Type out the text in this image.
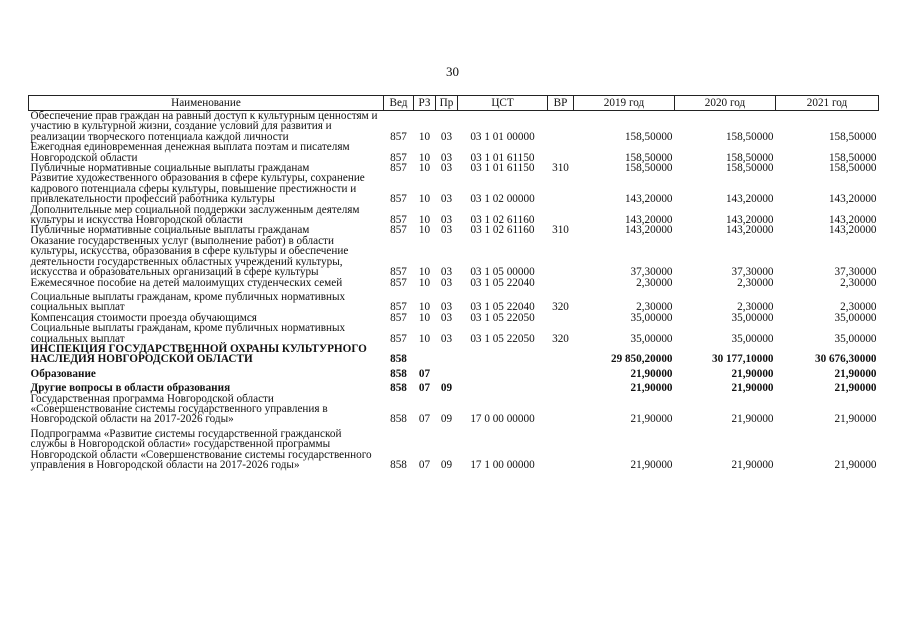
30
Наименование	Вед	РЗ	Пр	ЦСТ	ВР	2019 год	2020 год	2021 год
Обеспечение прав граждан на равный доступ к культурным ценностям и участию в культурной жизни, создание условий для развития и реализации творческого потенциала каждой личности	857	10	03	03 1 01 00000		158,50000	158,50000	158,50000
Ежегодная единовременная денежная выплата поэтам и писателям Новгородской области	857	10	03	03 1 01 61150		158,50000	158,50000	158,50000
Публичные нормативные социальные выплаты гражданам	857	10	03	03 1 01 61150	310	158,50000	158,50000	158,50000
Развитие художественного образования в сфере культуры, сохранение кадрового потенциала сферы культуры, повышение престижности и привлекательности профессий работника культуры	857	10	03	03 1 02 00000		143,20000	143,20000	143,20000
Дополнительные мер социальной поддержки заслуженным деятелям культуры и искусства Новгородской области	857	10	03	03 1 02 61160		143,20000	143,20000	143,20000
Публичные нормативные социальные выплаты гражданам	857	10	03	03 1 02 61160	310	143,20000	143,20000	143,20000
Оказание государственных услуг (выполнение работ) в области культуры, искусства, образования в сфере культуры и обеспечение деятельности государственных областных учреждений культуры, искусства и образовательных организаций в сфере культуры	857	10	03	03 1 05 00000		37,30000	37,30000	37,30000
Ежемесячное пособие на детей малоимущих студенческих семей	857	10	03	03 1 05 22040		2,30000	2,30000	2,30000
Социальные выплаты гражданам, кроме публичных нормативных социальных выплат	857	10	03	03 1 05 22040	320	2,30000	2,30000	2,30000
Компенсация стоимости проезда обучающимся	857	10	03	03 1 05 22050		35,00000	35,00000	35,00000
Социальные выплаты гражданам, кроме публичных нормативных социальных выплат	857	10	03	03 1 05 22050	320	35,00000	35,00000	35,00000
ИНСПЕКЦИЯ ГОСУДАРСТВЕННОЙ ОХРАНЫ КУЛЬТУРНОГО НАСЛЕДИЯ НОВГОРОДСКОЙ ОБЛАСТИ	858					29 850,20000	30 177,10000	30 676,30000
Образование	858	07				21,90000	21,90000	21,90000
Другие вопросы в области образования	858	07	09			21,90000	21,90000	21,90000
Государственная программа Новгородской области «Совершенствование системы государственного управления в Новгородской области на 2017-2026 годы»	858	07	09	17 0 00 00000		21,90000	21,90000	21,90000
Подпрограмма «Развитие системы государственной гражданской службы в Новгородской области» государственной программы Новгородской области «Совершенствование системы государственного управления в Новгородской области на 2017-2026 годы»	858	07	09	17 1 00 00000		21,90000	21,90000	21,90000
